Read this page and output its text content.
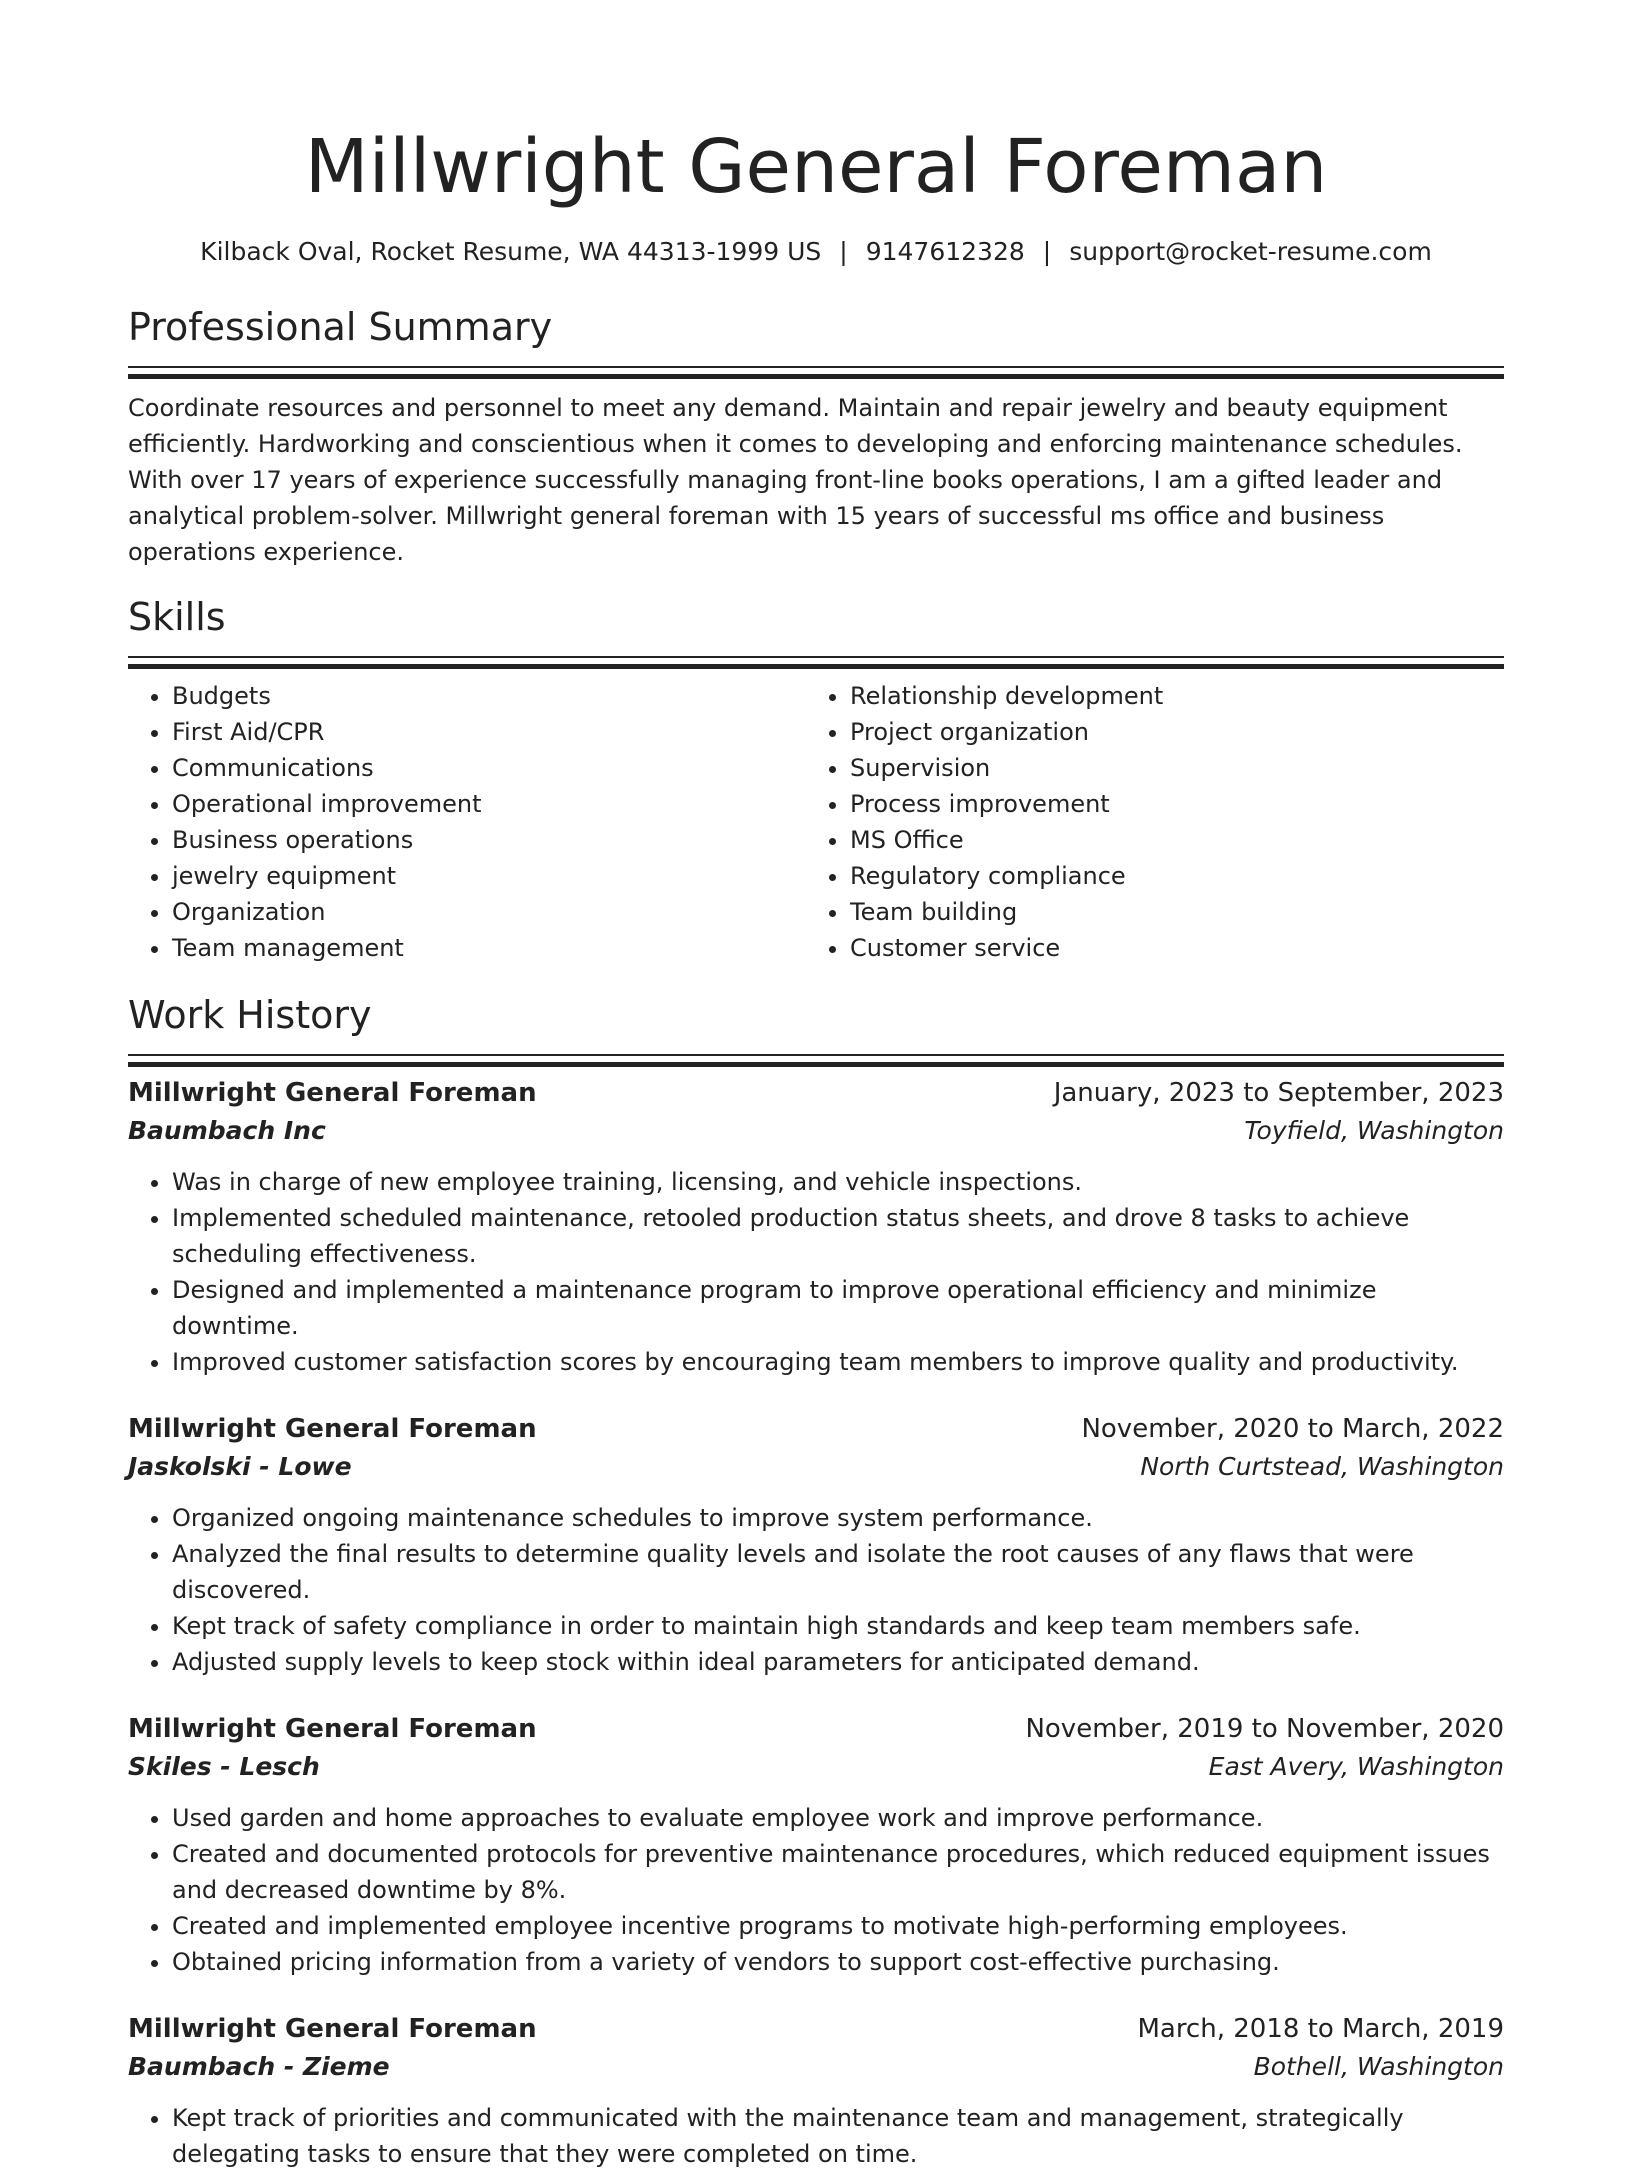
Millwright General Foreman
Kilback Oval, Rocket Resume, WA 44313-1999 US | 9147612328 | support@rocket-resume.com
Professional Summary
Coordinate resources and personnel to meet any demand. Maintain and repair jewelry and beauty equipment efficiently. Hardworking and conscientious when it comes to developing and enforcing maintenance schedules. With over 17 years of experience successfully managing front-line books operations, I am a gifted leader and analytical problem-solver. Millwright general foreman with 15 years of successful ms office and business operations experience.
Skills
• Budgets
• First Aid/CPR
• Communications
• Operational improvement
• Business operations
• jewelry equipment
• Organization
• Team management
• Relationship development
• Project organization
• Supervision
• Process improvement
• MS Office
• Regulatory compliance
• Team building
• Customer service
Work History
Millwright General Foreman	January, 2023 to September, 2023
Baumbach Inc	Toyfield, Washington
• Was in charge of new employee training, licensing, and vehicle inspections.
• Implemented scheduled maintenance, retooled production status sheets, and drove 8 tasks to achieve scheduling effectiveness.
• Designed and implemented a maintenance program to improve operational efficiency and minimize downtime.
• Improved customer satisfaction scores by encouraging team members to improve quality and productivity.
Millwright General Foreman	November, 2020 to March, 2022
Jaskolski - Lowe	North Curtstead, Washington
• Organized ongoing maintenance schedules to improve system performance.
• Analyzed the final results to determine quality levels and isolate the root causes of any flaws that were discovered.
• Kept track of safety compliance in order to maintain high standards and keep team members safe.
• Adjusted supply levels to keep stock within ideal parameters for anticipated demand.
Millwright General Foreman	November, 2019 to November, 2020
Skiles - Lesch	East Avery, Washington
• Used garden and home approaches to evaluate employee work and improve performance.
• Created and documented protocols for preventive maintenance procedures, which reduced equipment issues and decreased downtime by 8%.
• Created and implemented employee incentive programs to motivate high-performing employees.
• Obtained pricing information from a variety of vendors to support cost-effective purchasing.
Millwright General Foreman	March, 2018 to March, 2019
Baumbach - Zieme	Bothell, Washington
• Kept track of priorities and communicated with the maintenance team and management, strategically delegating tasks to ensure that they were completed on time.
